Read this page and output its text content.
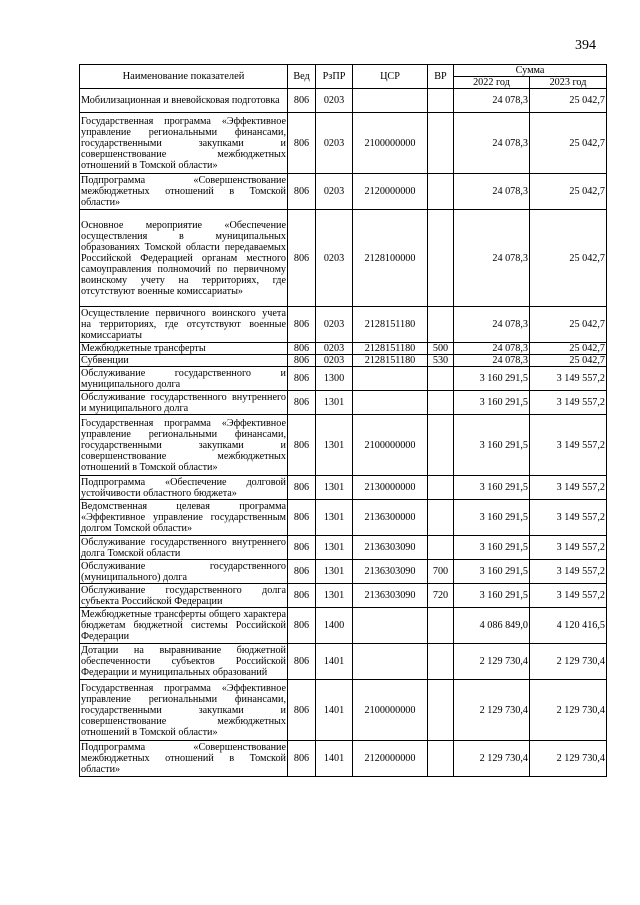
394
Наименование показателей	Вед	РзПР	ЦСР	ВР	Сумма	
					2022 год	2023 год
Мобилизационная и вневойсковая подготовка	806	0203			24 078,3	25 042,7
Государственная программа «Эффективное управление региональными финансами, государственными закупками и совершенствование межбюджетных отношений в Томской области»	806	0203	2100000000		24 078,3	25 042,7
Подпрограмма «Совершенствование межбюджетных отношений в Томской области»	806	0203	2120000000		24 078,3	25 042,7
Основное мероприятие «Обеспечение осуществления в муниципальных образованиях Томской области передаваемых Российской Федерацией органам местного самоуправления полномочий по первичному воинскому учету на территориях, где отсутствуют военные комиссариаты»	806	0203	2128100000		24 078,3	25 042,7
Осуществление первичного воинского учета на территориях, где отсутствуют военные комиссариаты	806	0203	2128151180		24 078,3	25 042,7
Межбюджетные трансферты	806	0203	2128151180	500	24 078,3	25 042,7
Субвенции	806	0203	2128151180	530	24 078,3	25 042,7
Обслуживание государственного и муниципального долга	806	1300			3 160 291,5	3 149 557,2
Обслуживание государственного внутреннего и муниципального долга	806	1301			3 160 291,5	3 149 557,2
Государственная программа «Эффективное управление региональными финансами, государственными закупками и совершенствование межбюджетных отношений в Томской области»	806	1301	2100000000		3 160 291,5	3 149 557,2
Подпрограмма «Обеспечение долговой устойчивости областного бюджета»	806	1301	2130000000		3 160 291,5	3 149 557,2
Ведомственная целевая программа «Эффективное управление государственным долгом Томской области»	806	1301	2136300000		3 160 291,5	3 149 557,2
Обслуживание государственного внутреннего долга Томской области	806	1301	2136303090		3 160 291,5	3 149 557,2
Обслуживание государственного (муниципального) долга	806	1301	2136303090	700	3 160 291,5	3 149 557,2
Обслуживание государственного долга субъекта Российской Федерации	806	1301	2136303090	720	3 160 291,5	3 149 557,2
Межбюджетные трансферты общего характера бюджетам бюджетной системы Российской Федерации	806	1400			4 086 849,0	4 120 416,5
Дотации на выравнивание бюджетной обеспеченности субъектов Российской Федерации и муниципальных образований	806	1401			2 129 730,4	2 129 730,4
Государственная программа «Эффективное управление региональными финансами, государственными закупками и совершенствование межбюджетных отношений в Томской области»	806	1401	2100000000		2 129 730,4	2 129 730,4
Подпрограмма «Совершенствование межбюджетных отношений в Томской области»	806	1401	2120000000		2 129 730,4	2 129 730,4
